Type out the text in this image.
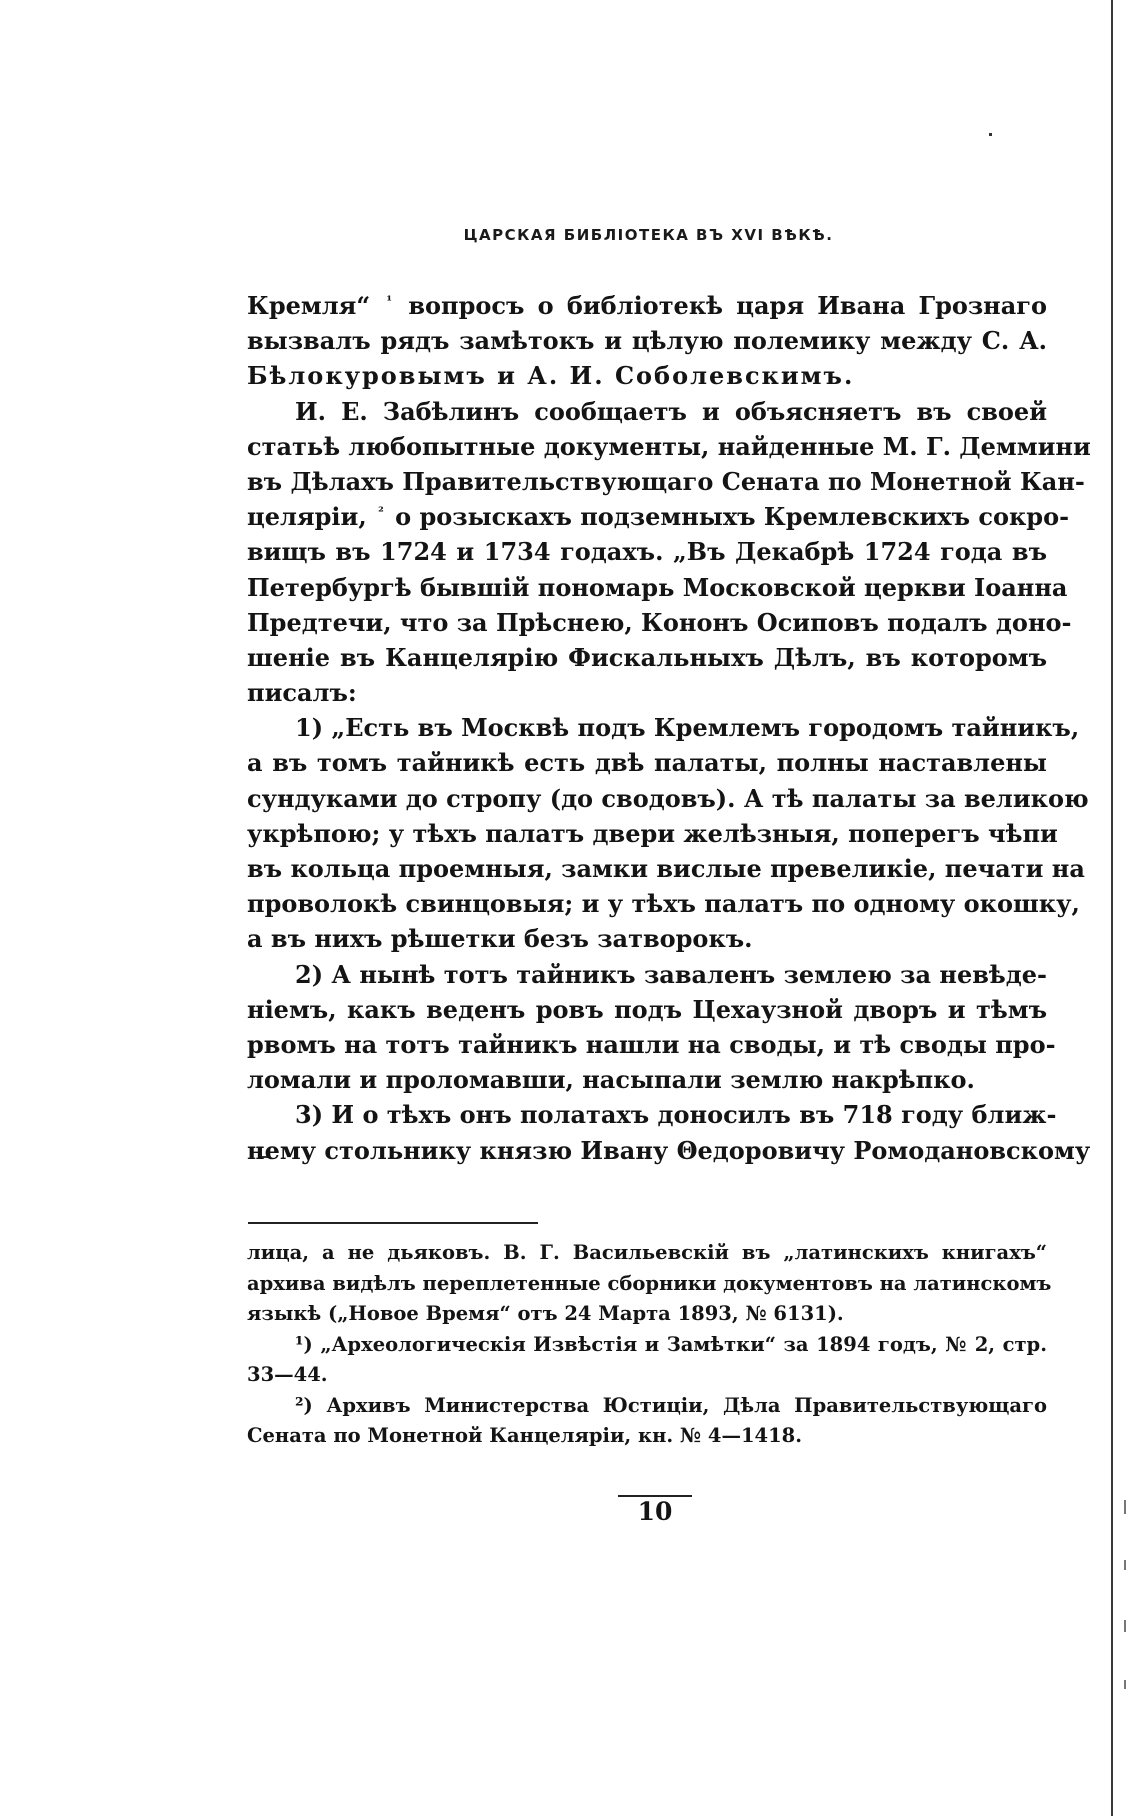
ЦАРСКАЯ БИБЛІОТЕКА ВЪ XVI ВѢКѢ.
Кремля“ $^{^1}$ вопросъ о библіотекѣ царя Ивана Грознаго
вызвалъ рядъ замѣтокъ и цѣлую полемику между С. А.
Бѣлокуровымъ и А. И. Соболевскимъ.
И. Е. Забѣлинъ сообщаетъ и объясняетъ въ своей
статьѣ любопытные документы, найденные М. Г. Деммини
въ Дѣлахъ Правительствующаго Сената по Монетной Кан-
целяріи, $^{^2}$ о розыскахъ подземныхъ Кремлевскихъ сокро-
вищъ въ 1724 и 1734 годахъ. „Въ Декабрѣ 1724 года въ
Петербургѣ бывшій пономарь Московской церкви Іоанна
Предтечи, что за Прѣснею, Кононъ Осиповъ подалъ доно-
шеніе въ Канцелярію Фискальныхъ Дѣлъ, въ которомъ
писалъ:
1) „Есть въ Москвѣ подъ Кремлемъ городомъ тайникъ,
а въ томъ тайникѣ есть двѣ палаты, полны наставлены
сундуками до стропу (до сводовъ). А тѣ палаты за великою
укрѣпою; у тѣхъ палатъ двери желѣзныя, поперегъ чѣпи
въ кольца проемныя, замки вислые превеликіе, печати на
проволокѣ свинцовыя; и у тѣхъ палатъ по одному окошку,
а въ нихъ рѣшетки безъ затворокъ.
2) А нынѣ тотъ тайникъ заваленъ землею за невѣде-
ніемъ, какъ веденъ ровъ подъ Цехаузной дворъ и тѣмъ
рвомъ на тотъ тайникъ нашли на своды, и тѣ своды про-
ломали и проломавши, насыпали землю накрѣпко.
3) И о тѣхъ онъ полатахъ доносилъ въ 718 году ближ-
нему стольнику князю Ивану Θедоровичу Ромодановскому
лица, а не дьяковъ. В. Г. Васильевскій въ „латинскихъ книгахъ“
архива видѣлъ переплетенные сборники документовъ на латинскомъ
языкѣ („Новое Время“ отъ 24 Марта 1893, № 6131).
¹) „Археологическія Извѣстія и Замѣтки“ за 1894 годъ, № 2, стр.
33—44.
²) Архивъ Министерства Юстиціи, Дѣла Правительствующаго
Сената по Монетной Канцеляріи, кн. № 4—1418.
10
